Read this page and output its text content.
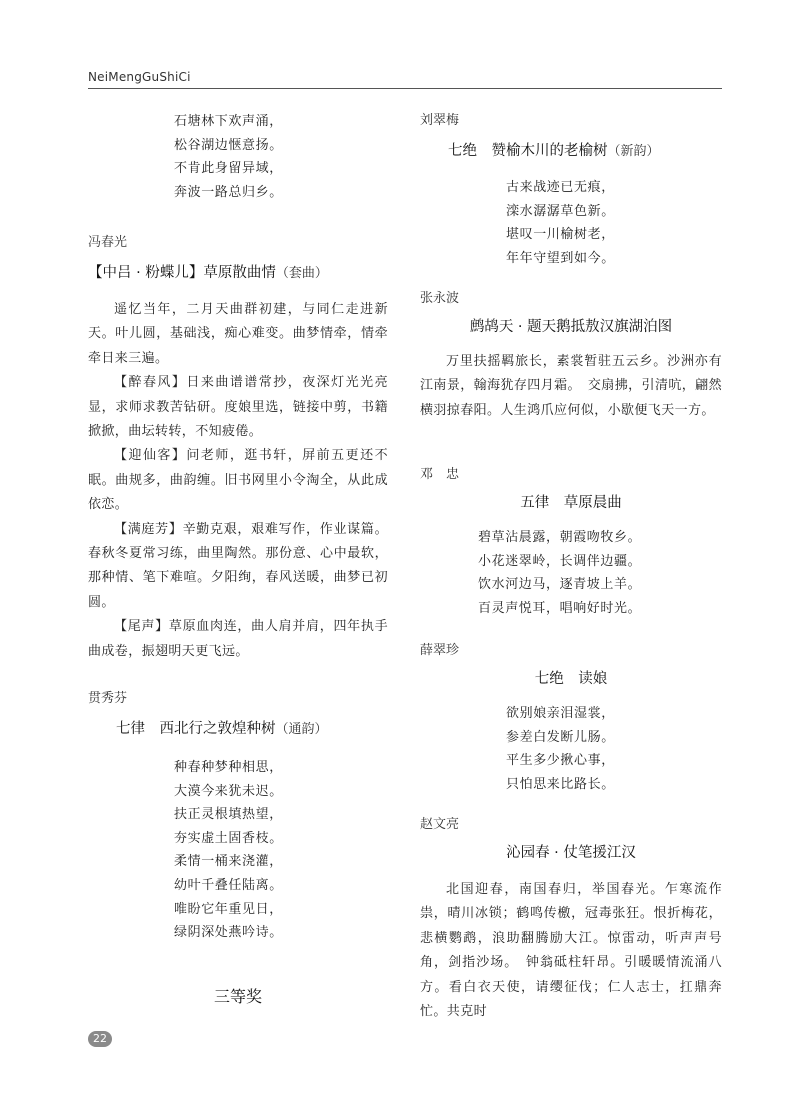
NeiMengGuShiCi
石塘林下欢声涌，
松谷湖边惬意扬。
不肯此身留异域，
奔波一路总归乡。
冯春光
【中吕 · 粉蝶儿】草原散曲情（套曲）

遥忆当年，二月天曲群初建，与同仁走进新天。叶儿圆，基础浅，痴心难变。曲梦情牵，情牵牵日来三遍。

【醉春风】日来曲谱谱常抄，夜深灯光光亮显，求师求教苦钻研。度娘里选，链接中剪，书籍掀掀，曲坛转转，不知疲倦。

【迎仙客】问老师，逛书轩，屏前五更还不眠。曲规多，曲韵缠。旧书网里小令淘全，从此成依恋。

【满庭芳】辛勤克艰，艰难写作，作业谋篇。春秋冬夏常习练，曲里陶然。那份意、心中最软，那种情、笔下难喧。夕阳绚，春风送暖，曲梦已初圆。

【尾声】草原血肉连，曲人肩并肩，四年执手曲成卷，振翅明天更飞远。

贯秀芬
七律　西北行之敦煌种树（通韵）
种春种梦种相思，
大漠今来犹未迟。
扶正灵根填热望，
夯实虚土固香枝。
柔情一桶来浇灌，
幼叶千叠任陆离。
唯盼它年重见日，
绿阴深处燕吟诗。
三等奖
刘翠梅
七绝　赞榆木川的老榆树（新韵）
古来战迹已无痕，
滦水潺潺草色新。
堪叹一川榆树老，
年年守望到如今。
张永波
鹧鸪天 · 题天鹅抵敖汉旗湖泊图

万里扶摇羁旅长，素裳暂驻五云乡。沙洲亦有江南景，翰海犹存四月霜。　交扇拂，引清吭，翩然横羽掠春阳。人生鸿爪应何似，小歇便飞天一方。

邓　忠
五律　草原晨曲
碧草沾晨露，朝霞吻牧乡。
小花迷翠岭，长调伴边疆。
饮水河边马，逐青坡上羊。
百灵声悦耳，唱响好时光。
薛翠珍
七绝　读娘
欲别娘亲泪湿裳，
参差白发断儿肠。
平生多少揪心事，
只怕思来比路长。
赵文亮
沁园春 · 仗笔援江汉

北国迎春，南国春归，举国春光。乍寒流作祟，晴川冰锁；鹤鸣传檄，冠毒张狂。恨折梅花，悲横鹦鹉，浪助翻腾励大江。惊雷动，听声声号角，剑指沙场。　钟翁砥柱轩昂。引暖暖情流涌八方。看白衣天使，请缨征伐；仁人志士，扛鼎奔忙。共克时

22
